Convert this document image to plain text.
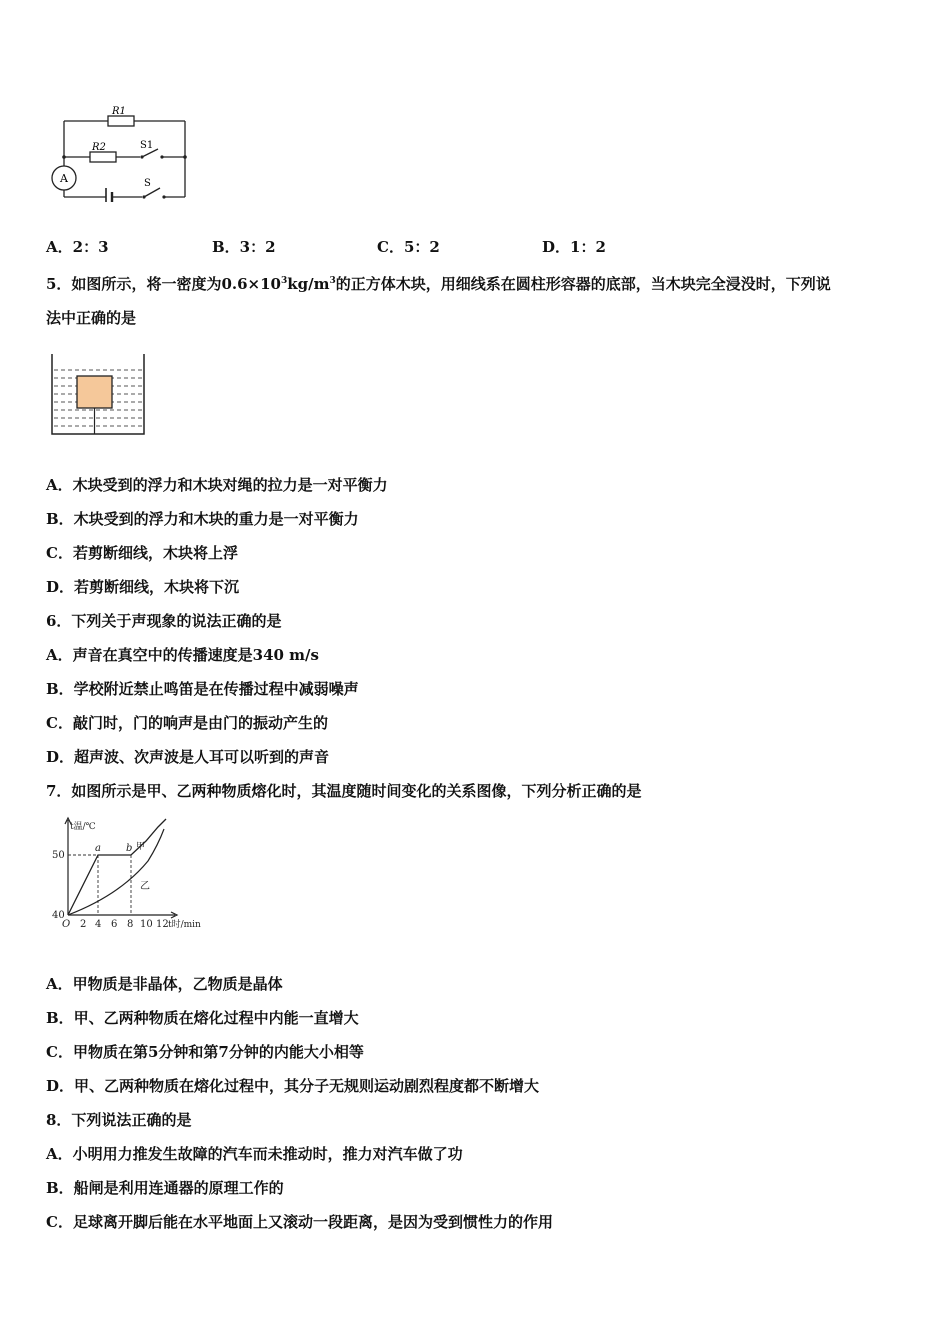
R1
R2	S1
S
A
A．2：3	B．3：2	C．5：2	D．1：2
5．如图所示，将一密度为$0.6\times 10^3kg/m^3$的正方体木块，用细线系在圆柱形容器的底部，当木块完全浸没时，下列说
法中正确的是
A．木块受到的浮力和木块对绳的拉力是一对平衡力
B．木块受到的浮力和木块的重力是一对平衡力
C．若剪断细线，木块将上浮
D．若剪断细线，木块将下沉
6．下列关于声现象的说法正确的是
A．声音在真空中的传播速度是340 m/s
B．学校附近禁止鸣笛是在传播过程中减弱噪声
C．敲门时，门的响声是由门的振动产生的
D．超声波、次声波是人耳可以听到的声音
7．如图所示是甲、乙两种物质熔化时，其温度随时间变化的关系图像，下列分析正确的是
t温/℃
50
40
O 2 4 6 8 10 12 t时/min
a	b 甲
乙
A．甲物质是非晶体，乙物质是晶体
B．甲、乙两种物质在熔化过程中内能一直增大
C．甲物质在第5分钟和第7分钟的内能大小相等
D．甲、乙两种物质在熔化过程中，其分子无规则运动剧烈程度都不断增大
8．下列说法正确的是
A．小明用力推发生故障的汽车而未推动时，推力对汽车做了功
B．船闸是利用连通器的原理工作的
C．足球离开脚后能在水平地面上又滚动一段距离，是因为受到惯性力的作用
